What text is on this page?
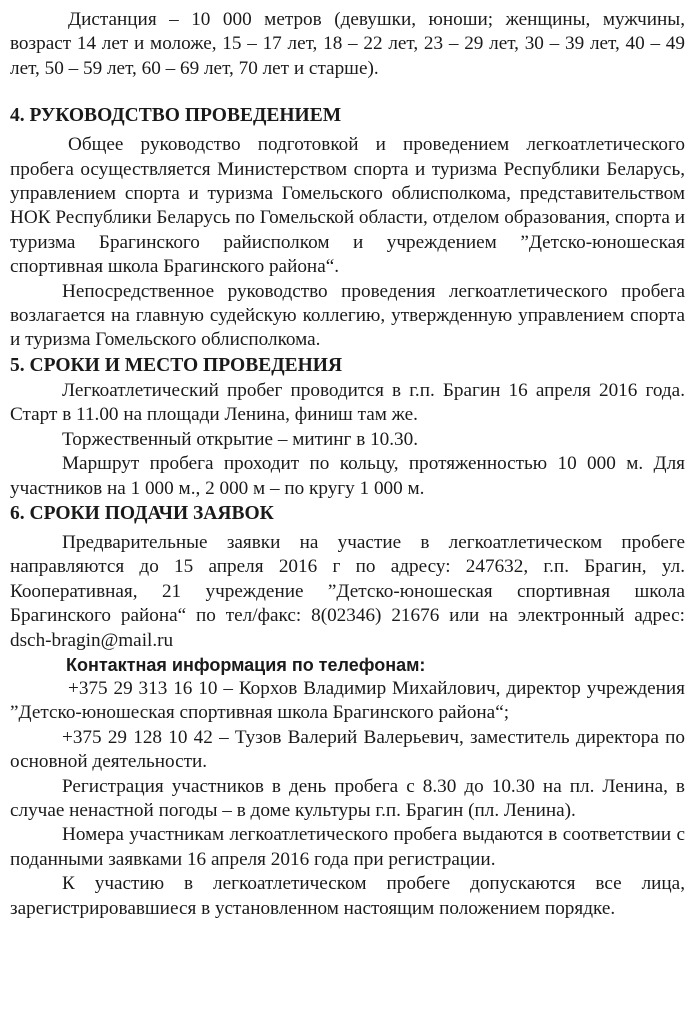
Дистанция – 10 000 метров (девушки, юноши; женщины, мужчины, возраст 14 лет и моложе, 15 – 17 лет, 18 – 22 лет, 23 – 29 лет, 30 – 39 лет, 40 – 49 лет, 50 – 59 лет, 60 – 69 лет, 70 лет и старше).

4. РУКОВОДСТВО ПРОВЕДЕНИЕМ

Общее руководство подготовкой и проведением легкоатлетического пробега осуществляется Министерством спорта и туризма Республики Беларусь, управлением спорта и туризма Гомельского облисполкома, представительством НОК Республики Беларусь по Гомельской области, отделом образования, спорта и туризма Брагинского райисполком и учреждением ”Детско-юношеская спортивная школа Брагинского района“.

Непосредственное руководство проведения легкоатлетического пробега возлагается на главную судейскую коллегию, утвержденную управлением спорта и туризма Гомельского облисполкома.

5. СРОКИ И МЕСТО ПРОВЕДЕНИЯ

Легкоатлетический пробег проводится в г.п. Брагин 16 апреля 2016 года. Старт в 11.00 на площади Ленина, финиш там же.

Торжественный открытие – митинг в 10.30.

Маршрут пробега проходит по кольцу, протяженностью 10 000 м. Для участников на 1 000 м., 2 000 м – по кругу 1 000 м.

6. СРОКИ ПОДАЧИ ЗАЯВОК

Предварительные заявки на участие в легкоатлетическом пробеге направляются до 15 апреля 2016 г по адресу: 247632, г.п. Брагин, ул. Кооперативная, 21 учреждение ”Детско-юношеская спортивная школа Брагинского района“ по тел/факс: 8(02346) 21676 или на электронный адрес: dsch-bragin@mail.ru

Контактная информация по телефонам:

+375 29 313 16 10 – Корхов Владимир Михайлович, директор учреждения ”Детско-юношеская спортивная школа Брагинского района“;

+375 29 128 10 42 – Тузов Валерий Валерьевич, заместитель директора по основной деятельности.

Регистрация участников в день пробега с 8.30 до 10.30 на пл. Ленина, в случае ненастной погоды – в доме культуры г.п. Брагин (пл. Ленина).

Номера участникам легкоатлетического пробега выдаются в соответствии с поданными заявками 16 апреля 2016 года при регистрации.

К участию в легкоатлетическом пробеге допускаются все лица, зарегистрировавшиеся в установленном настоящим положением порядке.
